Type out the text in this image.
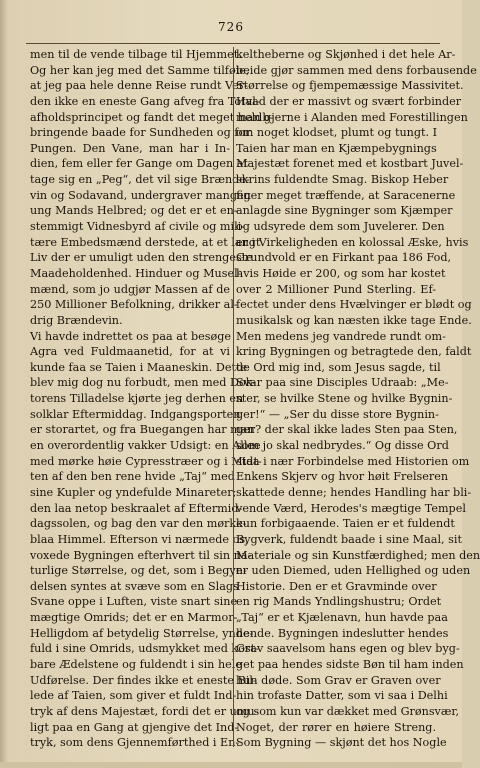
726
men til de vende tilbage til Hjemmet.
Og her kan jeg med det Samme tilføie,
at jeg paa hele denne Reise rundt Ver-
den ikke en eneste Gang afveg fra Total-
afholdsprincipet og fandt det meget heldb-
bringende baade for Sundheden og for
Pungen. Den Vane, man har i In-
dien, fem eller fer Gange om Dagen at
tage sig en „Peg“, det vil sige Brænde-
vin og Sodavand, undergraver mangen
ung Mands Helbred; og det er et en-
stemmigt Vidnesbyrd af civile og mili-
tære Embedsmænd derstede, at et langt
Liv der er umuligt uden den strengeste
Maadeholdenhed. Hinduer og Musel-
mænd, som jo udgjør Massen af de
250 Millioner Befolkning, drikker al-
drig Brændevin.
Vi havde indrettet os paa at besøge
Agra ved Fuldmaanetid, for at vi
kunde faa se Taien i Maaneskin. Dette
blev mig dog nu forbudt, men med Dok-
torens Tilladelse kjørte jeg derhen en
solklar Eftermiddag. Indgangsporten
er storartet, og fra Buegangen har man
en overordentlig vakker Udsigt: en Allee
med mørke høie Cypresstræer og i Midt-
ten af den ben rene hvide „Taj“ med
sine Kupler og yndefulde Minareter;
den laa netop beskraalet af Eftermid-
dagssolen, og bag den var den mørke-
blaa Himmel. Efterson vi nærmede os,
voxede Bygningen efterhvert til sin na-
turlige Størrelse, og det, som i Begyn-
delsen syntes at svæve som en Slags
Svane oppe i Luften, viste snart sine
mægtige Omrids; det er en Marmor-
Helligdom af betydelig Størrelse, ynde-
fuld i sine Omrids, udsmykket med kost-
bare Ædelstene og fuldendt i sin hele
Udførelse. Der findes ikke et eneste Bil-
lede af Taien, som giver et fuldt Ind-
tryk af dens Majestæt, fordi det er umu-
ligt paa en Gang at gjengive det Ind-
tryk, som dens Gjennemførthed i En-
keltheberne og Skjønhed i det hele Ar-
beide gjør sammen med dens forbausende
Størrelse og fjempemæssige Massivitet.
Hvad der er massivt og svært forbinder
man gjerne i Alanden med Forestillingen
om noget klodset, plumt og tungt. I
Taien har man en Kjæmpebygnings
Majestæt forenet med et kostbart Juvel-
skrins fuldendte Smag. Biskop Heber
figer meget træffende, at Saracenerne
anlagde sine Bygninger som Kjæmper
og udsyrede dem som Juvelerer. Den
er i Virkeligheden en kolossal Æske, hvis
Grundvold er en Firkant paa 186 Fod,
hvis Høide er 200, og som har kostet
over 2 Millioner Pund Sterling. Ef-
fectet under dens Hvælvinger er blødt og
musikalsk og kan næsten ikke tage Ende.
Men medens jeg vandrede rundt om-
kring Bygningen og betragtede den, faldt
de Ord mig ind, som Jesus sagde, til
Svar paa sine Disciples Udraab: „Me-
ster, se hvilke Stene og hvilke Bygnin-
ger!“ — „Ser du disse store Bygnin-
ger? der skal ikke lades Sten paa Sten,
som jo skal nedbrydes.“ Og disse Ord
staa i nær Forbindelse med Historien om
Enkens Skjerv og hvor høit Frelseren
skattede denne; hendes Handling har bli-
vende Værd, Herodes's mægtige Tempel
kun forbigaaende. Taien er et fuldendt
Bygverk, fuldendt baade i sine Maal, sit
Materiale og sin Kunstfærdighed; men den
er uden Diemed, uden Hellighed og uden
Historie. Den er et Gravminde over
en rig Mands Yndlingshustru; Ordet
„Taj“ er et Kjælenavn, hun havde paa
hende. Bygningen indeslutter hendes
Grav saavelsom hans egen og blev byg-
get paa hendes sidste Bøn til ham inden
hun døde. Som Grav er Graven over
hin trofaste Datter, som vi saa i Delhi
og som kun var dækket med Grønsvær,
Noget, der rører en høiere Streng.
Som Bygning — skjønt det hos Nogle
